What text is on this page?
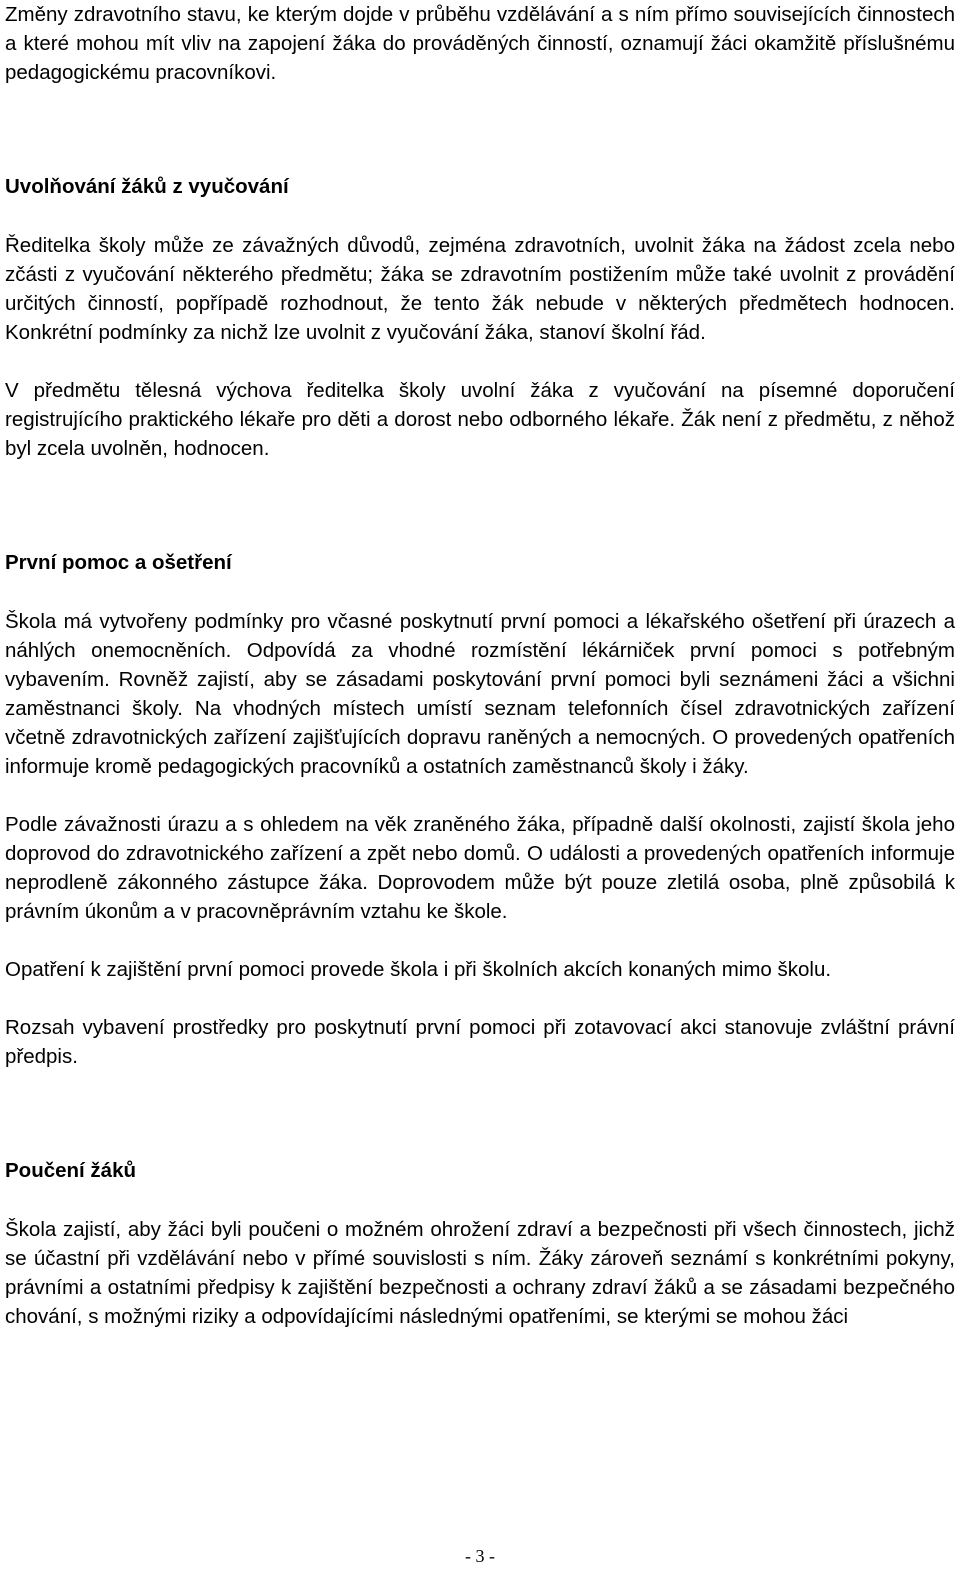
Změny zdravotního stavu, ke kterým dojde v průběhu vzdělávání a s ním přímo souvisejících činnostech a které mohou mít vliv na zapojení žáka do prováděných činností, oznamují žáci okamžitě příslušnému pedagogickému pracovníkovi.

Uvolňování žáků z vyučování

Ředitelka školy může ze závažných důvodů, zejména zdravotních, uvolnit žáka na žádost zcela nebo zčásti z vyučování některého předmětu; žáka se zdravotním postižením může také uvolnit z provádění určitých činností, popřípadě rozhodnout, že tento žák nebude v některých předmětech hodnocen. Konkrétní podmínky za nichž lze uvolnit z vyučování žáka, stanoví školní řád.

V předmětu tělesná výchova ředitelka školy uvolní žáka z vyučování na písemné doporučení registrujícího praktického lékaře pro děti a dorost nebo odborného lékaře. Žák není z předmětu, z něhož byl zcela uvolněn, hodnocen.

První pomoc a ošetření

Škola má vytvořeny podmínky pro včasné poskytnutí první pomoci a lékařského ošetření při úrazech a náhlých onemocněních. Odpovídá za vhodné rozmístění lékárniček první pomoci s potřebným vybavením. Rovněž zajistí, aby se zásadami poskytování první pomoci byli seznámeni žáci a všichni zaměstnanci školy. Na vhodných místech umístí seznam telefonních čísel zdravotnických zařízení včetně zdravotnických zařízení zajišťujících dopravu raněných a nemocných. O provedených opatřeních informuje kromě pedagogických pracovníků a ostatních zaměstnanců školy i žáky.

Podle závažnosti úrazu a s ohledem na věk zraněného žáka, případně další okolnosti, zajistí škola jeho doprovod do zdravotnického zařízení a zpět nebo domů. O události a provedených opatřeních informuje neprodleně zákonného zástupce žáka. Doprovodem může být pouze zletilá osoba, plně způsobilá k právním úkonům a v pracovněprávním vztahu ke škole.

Opatření k zajištění první pomoci provede škola i při školních akcích konaných mimo školu.

Rozsah vybavení prostředky pro poskytnutí první pomoci při zotavovací akci stanovuje zvláštní právní předpis.

Poučení žáků

Škola zajistí, aby žáci byli poučeni o možném ohrožení zdraví a bezpečnosti při všech činnostech, jichž se účastní při vzdělávání nebo v přímé souvislosti s ním. Žáky zároveň seznámí s konkrétními pokyny, právními a ostatními předpisy k zajištění bezpečnosti a ochrany zdraví žáků a se zásadami bezpečného chování, s možnými riziky a odpovídajícími následnými opatřeními, se kterými se mohou žáci

- 3 -
